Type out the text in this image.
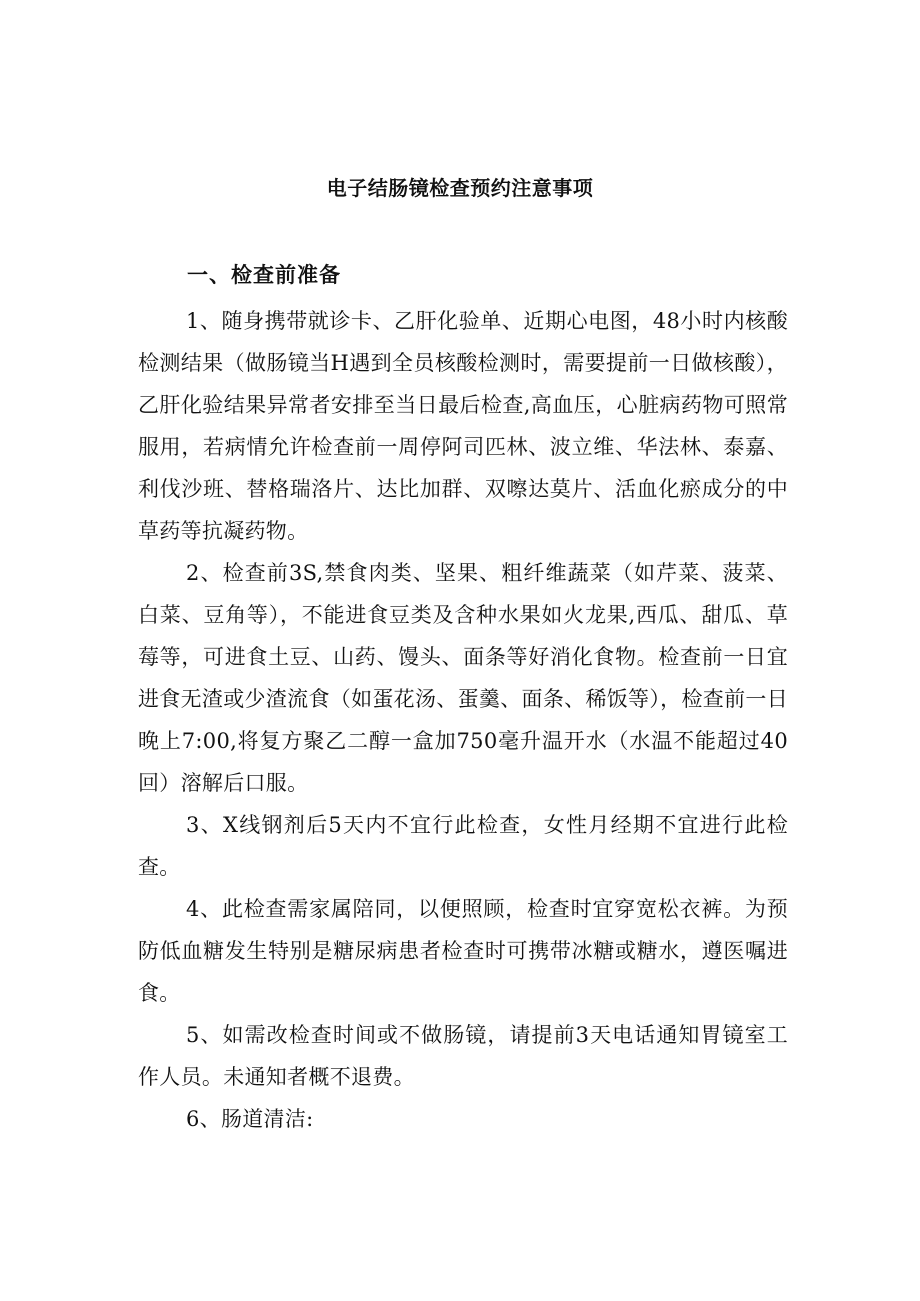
电子结肠镜检查预约注意事项
一、检查前准备

1、随身携带就诊卡、乙肝化验单、近期心电图，48小时内核酸检测结果（做肠镜当H遇到全员核酸检测时，需要提前一日做核酸），乙肝化验结果异常者安排至当日最后检查,高血压，心脏病药物可照常服用，若病情允许检查前一周停阿司匹林、波立维、华法林、泰嘉、利伐沙班、替格瑞洛片、达比加群、双嚓达莫片、活血化瘀成分的中草药等抗凝药物。

2、检查前3S,禁食肉类、坚果、粗纤维蔬菜（如芹菜、菠菜、白菜、豆角等），不能进食豆类及含种水果如火龙果,西瓜、甜瓜、草莓等，可进食土豆、山药、馒头、面条等好消化食物。检查前一日宜进食无渣或少渣流食（如蛋花汤、蛋羹、面条、稀饭等），检查前一日晚上7:00,将复方聚乙二醇一盒加750毫升温开水（水温不能超过40回）溶解后口服。

3、X线钢剂后5天内不宜行此检查，女性月经期不宜进行此检查。

4、此检查需家属陪同，以便照顾，检查时宜穿宽松衣裤。为预防低血糖发生特别是糖尿病患者检查时可携带冰糖或糖水，遵医嘱进食。

5、如需改检查时间或不做肠镜，请提前3天电话通知胃镜室工作人员。未通知者概不退费。

6、肠道清洁:
